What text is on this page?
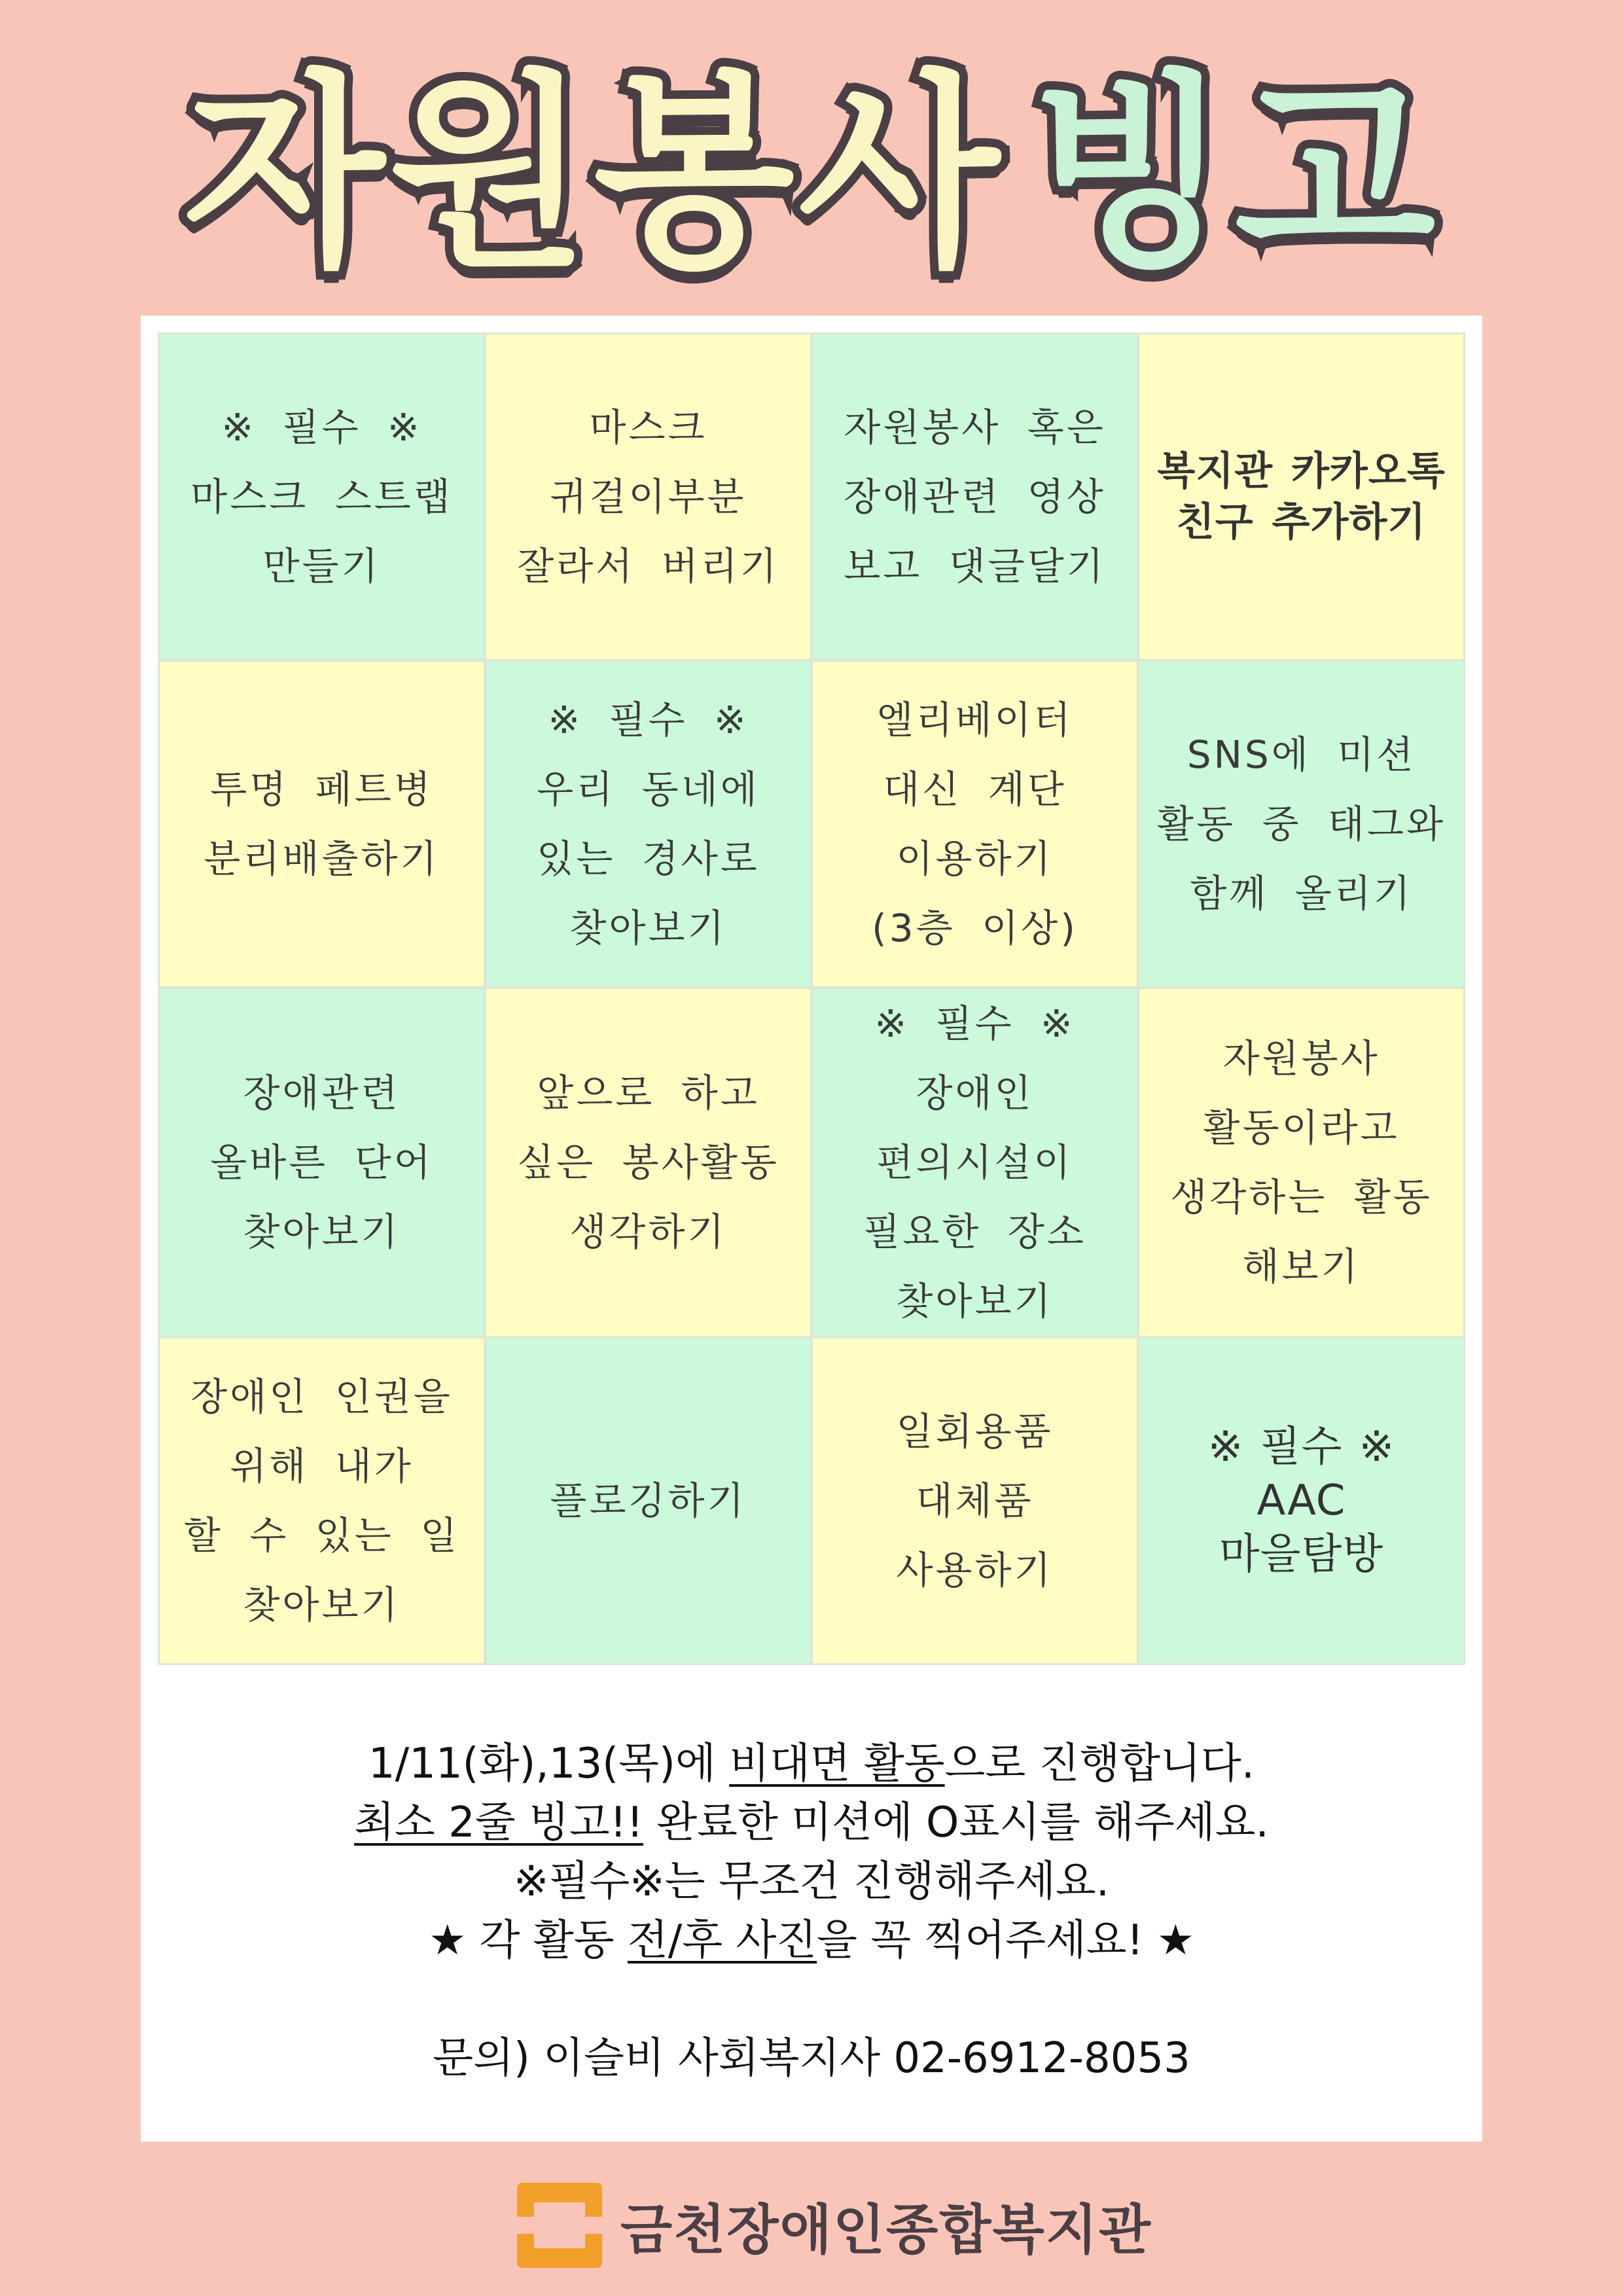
자원봉사 빙고
※ 필수 ※
마스크 스트랩
만들기
마스크
귀걸이부분
잘라서 버리기
자원봉사 혹은
장애관련 영상
보고 댓글달기
복지관 카카오톡
친구 추가하기
투명 페트병
분리배출하기
※ 필수 ※
우리 동네에
있는 경사로
찾아보기
엘리베이터
대신 계단
이용하기
(3층 이상)
SNS에 미션
활동 중 태그와
함께 올리기
장애관련
올바른 단어
찾아보기
앞으로 하고
싶은 봉사활동
생각하기
※ 필수 ※
장애인
편의시설이
필요한 장소
찾아보기
자원봉사
활동이라고
생각하는 활동
해보기
장애인 인권을
위해 내가
할 수 있는 일
찾아보기
플로깅하기
일회용품
대체품
사용하기
※ 필수 ※
AAC
마을탐방
1/11(화),13(목)에 비대면 활동으로 진행합니다.
최소 2줄 빙고!! 완료한 미션에 O표시를 해주세요.
※필수※는 무조건 진행해주세요.
★ 각 활동 전/후 사진을 꼭 찍어주세요! ★
문의) 이슬비 사회복지사 02-6912-8053
금천장애인종합복지관
